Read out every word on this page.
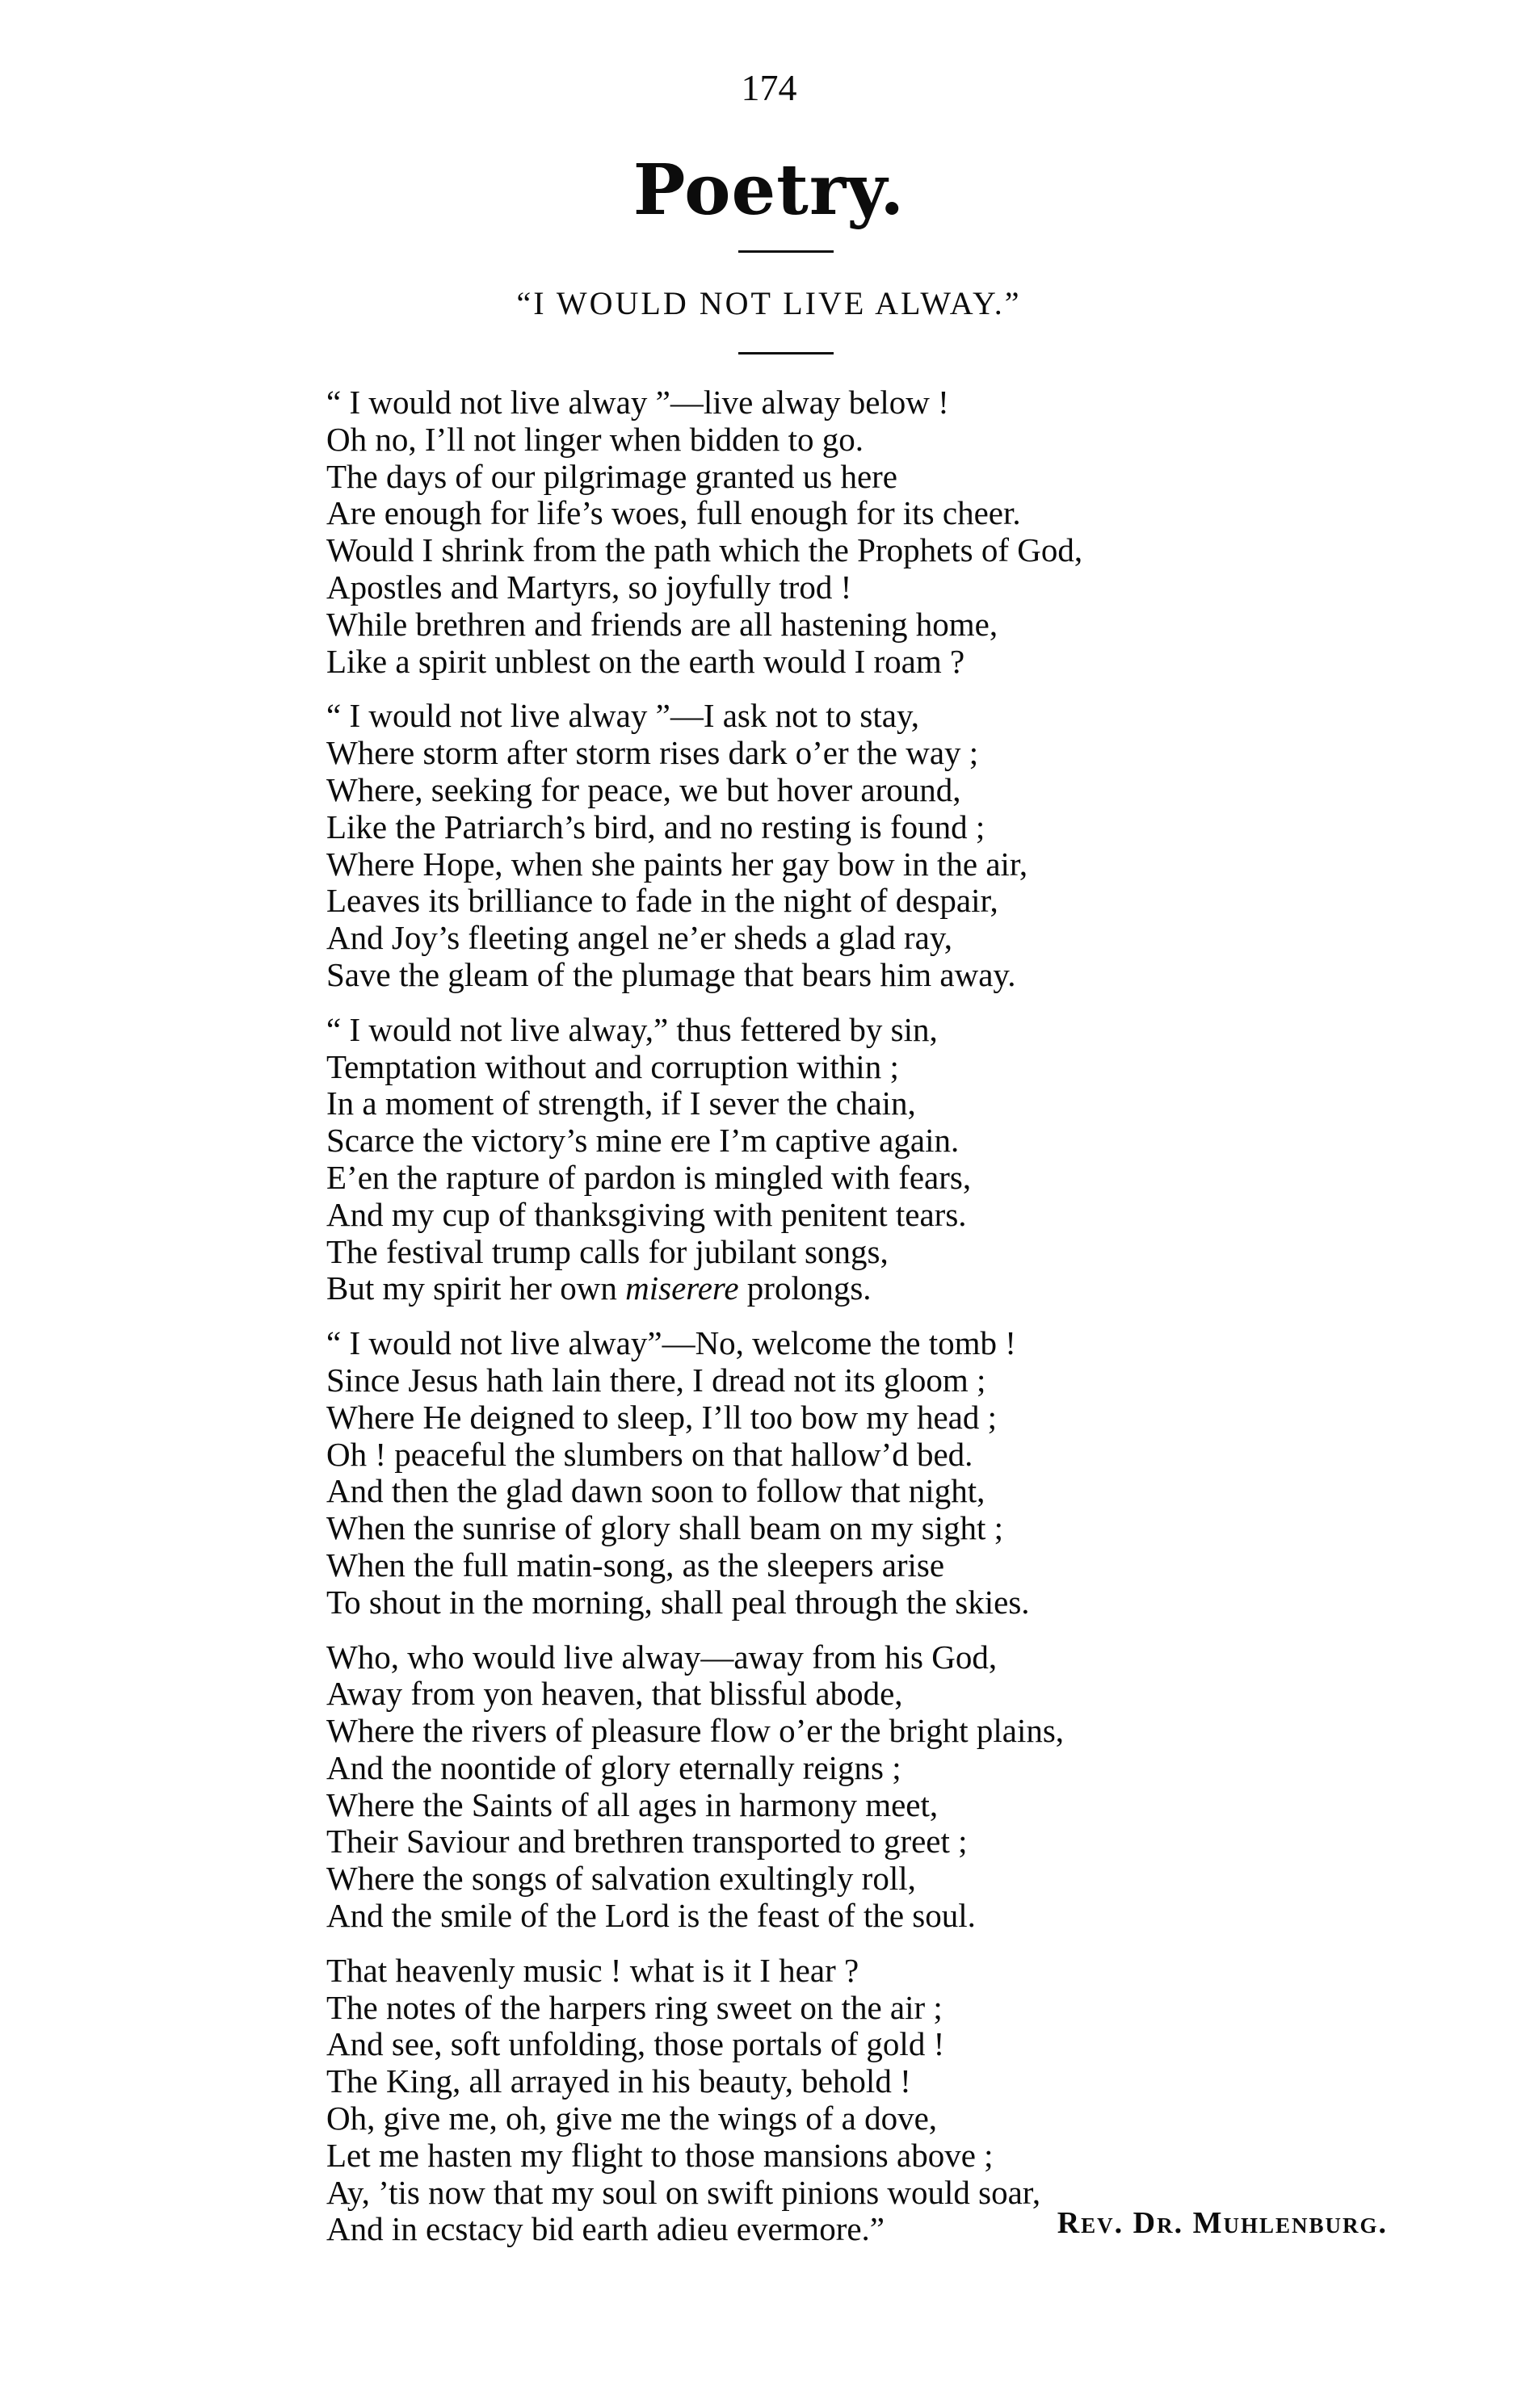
174
Poetry.
“I WOULD NOT LIVE ALWAY.”
“ I would not live alway ”—live alway below !
Oh no, I’ll not linger when bidden to go.
The days of our pilgrimage granted us here
Are enough for life’s woes, full enough for its cheer.
Would I shrink from the path which the Prophets of God,
Apostles and Martyrs, so joyfully trod !
While brethren and friends are all hastening home,
Like a spirit unblest on the earth would I roam ?
“ I would not live alway ”—I ask not to stay,
Where storm after storm rises dark o’er the way ;
Where, seeking for peace, we but hover around,
Like the Patriarch’s bird, and no resting is found ;
Where Hope, when she paints her gay bow in the air,
Leaves its brilliance to fade in the night of despair,
And Joy’s fleeting angel ne’er sheds a glad ray,
Save the gleam of the plumage that bears him away.
“ I would not live alway,” thus fettered by sin,
Temptation without and corruption within ;
In a moment of strength, if I sever the chain,
Scarce the victory’s mine ere I’m captive again.
E’en the rapture of pardon is mingled with fears,
And my cup of thanksgiving with penitent tears.
The festival trump calls for jubilant songs,
But my spirit her own miserere prolongs.
“ I would not live alway”—No, welcome the tomb !
Since Jesus hath lain there, I dread not its gloom ;
Where He deigned to sleep, I’ll too bow my head ;
Oh ! peaceful the slumbers on that hallow’d bed.
And then the glad dawn soon to follow that night,
When the sunrise of glory shall beam on my sight ;
When the full matin-song, as the sleepers arise
To shout in the morning, shall peal through the skies.
Who, who would live alway—away from his God,
Away from yon heaven, that blissful abode,
Where the rivers of pleasure flow o’er the bright plains,
And the noontide of glory eternally reigns ;
Where the Saints of all ages in harmony meet,
Their Saviour and brethren transported to greet ;
Where the songs of salvation exultingly roll,
And the smile of the Lord is the feast of the soul.
That heavenly music ! what is it I hear ?
The notes of the harpers ring sweet on the air ;
And see, soft unfolding, those portals of gold !
The King, all arrayed in his beauty, behold !
Oh, give me, oh, give me the wings of a dove,
Let me hasten my flight to those mansions above ;
Ay, ’tis now that my soul on swift pinions would soar,
And in ecstacy bid earth adieu evermore.”	Rev. Dr. Muhlenburg.
